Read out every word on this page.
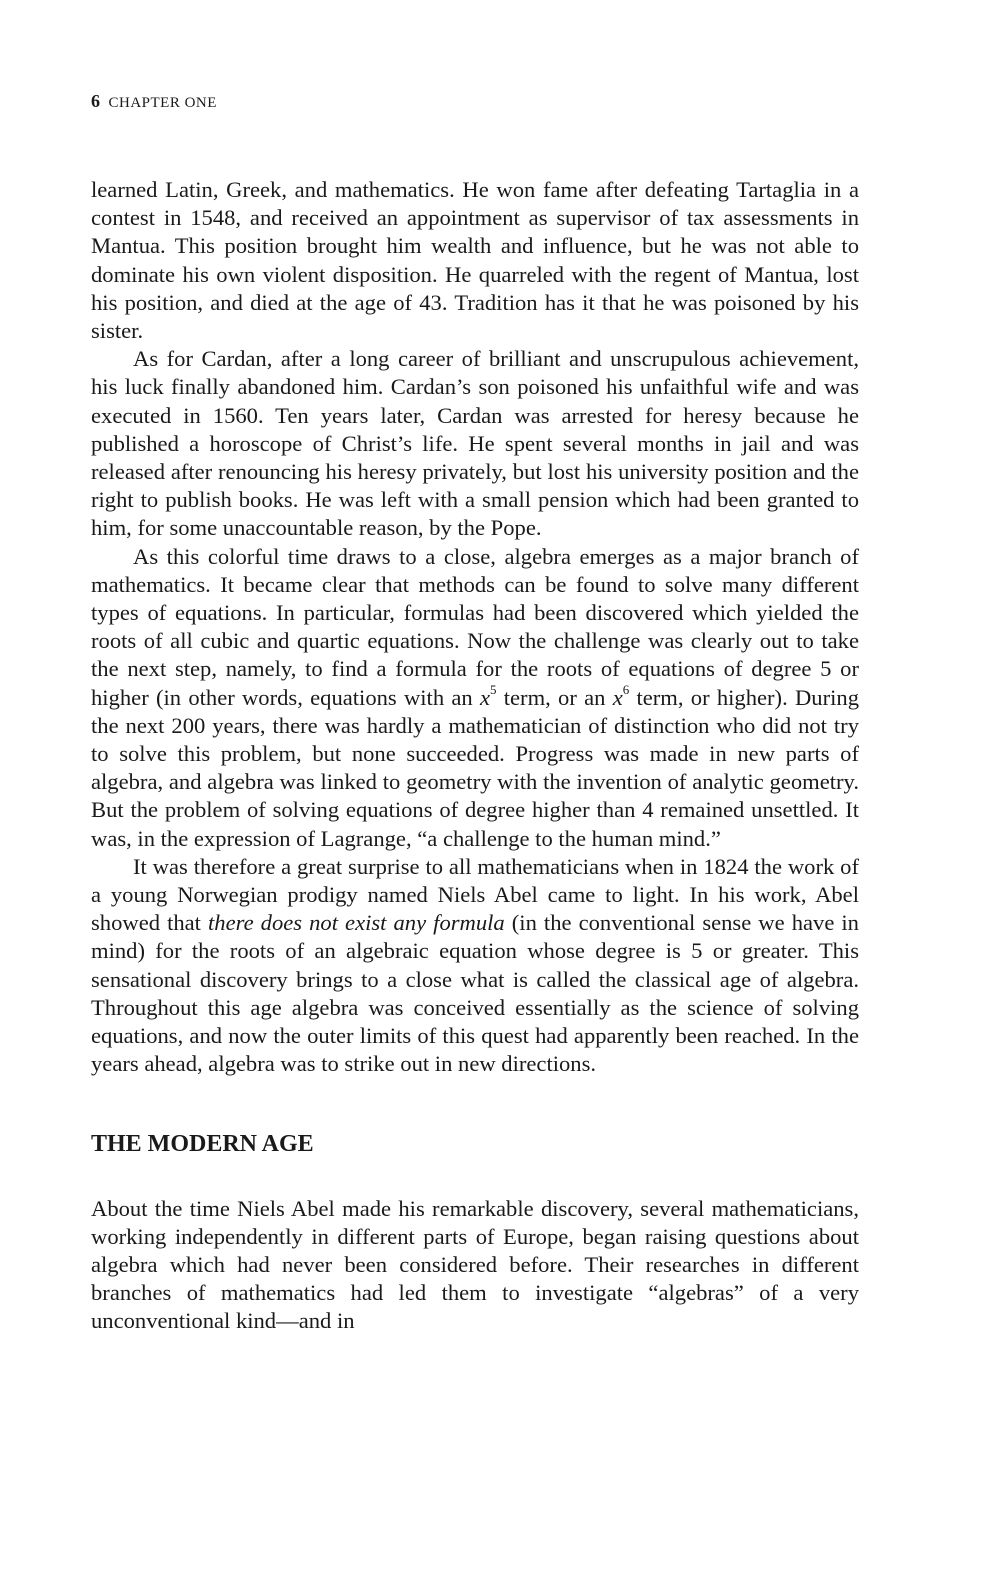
6 CHAPTER ONE

learned Latin, Greek, and mathematics. He won fame after defeating Tartaglia in a contest in 1548, and received an appointment as supervisor of tax assessments in Mantua. This position brought him wealth and influence, but he was not able to dominate his own violent disposition. He quarreled with the regent of Mantua, lost his position, and died at the age of 43. Tradition has it that he was poisoned by his sister.

As for Cardan, after a long career of brilliant and unscrupulous achievement, his luck finally abandoned him. Cardan’s son poisoned his unfaithful wife and was executed in 1560. Ten years later, Cardan was arrested for heresy because he published a horoscope of Christ’s life. He spent several months in jail and was released after renouncing his heresy privately, but lost his university position and the right to publish books. He was left with a small pension which had been granted to him, for some unaccountable reason, by the Pope.

As this colorful time draws to a close, algebra emerges as a major branch of mathematics. It became clear that methods can be found to solve many different types of equations. In particular, formulas had been discovered which yielded the roots of all cubic and quartic equations. Now the challenge was clearly out to take the next step, namely, to find a formula for the roots of equations of degree 5 or higher (in other words, equations with an $x^5$ term, or an $x^6$ term, or higher). During the next 200 years, there was hardly a mathematician of distinction who did not try to solve this problem, but none succeeded. Progress was made in new parts of algebra, and algebra was linked to geometry with the invention of analytic geometry. But the problem of solving equations of degree higher than 4 remained unsettled. It was, in the expression of Lagrange, “a challenge to the human mind.”

It was therefore a great surprise to all mathematicians when in 1824 the work of a young Norwegian prodigy named Niels Abel came to light. In his work, Abel showed that there does not exist any formula (in the conventional sense we have in mind) for the roots of an algebraic equation whose degree is 5 or greater. This sensational discovery brings to a close what is called the classical age of algebra. Throughout this age algebra was conceived essentially as the science of solving equations, and now the outer limits of this quest had apparently been reached. In the years ahead, algebra was to strike out in new directions.

THE MODERN AGE

About the time Niels Abel made his remarkable discovery, several mathematicians, working independently in different parts of Europe, began raising questions about algebra which had never been considered before. Their researches in different branches of mathematics had led them to investigate “algebras” of a very unconventional kind—and in
